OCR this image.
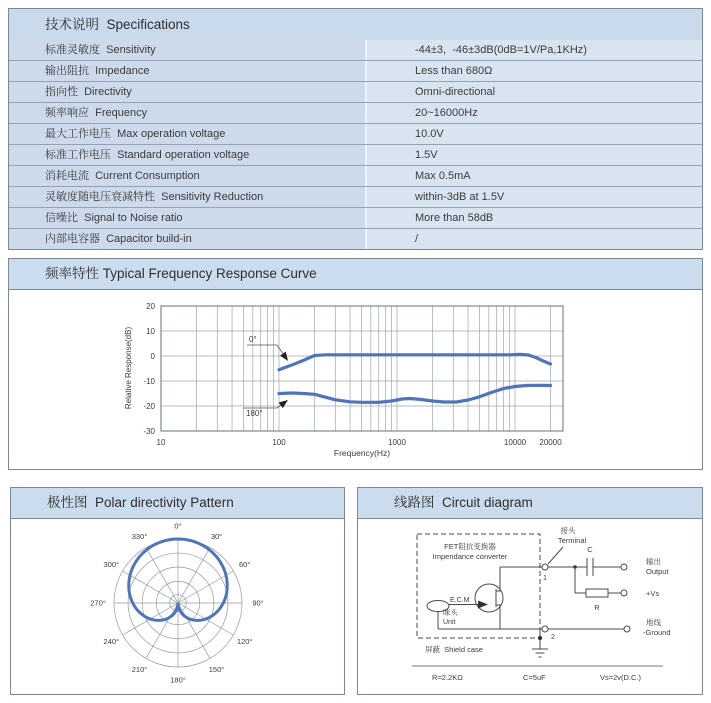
技术说明  Specifications
标准灵敏度  Sensitivity	-44±3,  -46±3dB(0dB=1V/Pa,1KHz)
输出阻抗  Impedance	Less than 680Ω
指向性  Directivity	Omni-directional
频率响应  Frequency	20~16000Hz
最大工作电压  Max operation voltage	10.0V
标准工作电压  Standard operation voltage	1.5V
消耗电流  Current Consumption	Max 0.5mA
灵敏度随电压衰减特性  Sensitivity Reduction	within-3dB at 1.5V
信噪比  Signal to Noise ratio	More than 58dB
内部电容器  Capacitor build-in	/
频率特性 Typical Frequency Response Curve
20
10
0
-10
-20
-30
10	100	1000	10000 20000
0°
180°
Relative Response(dB)
Frequency(Hz)
极性图  Polar directivity Pattern
0°
30°
60°
90°
120°
150°
180°
210°
240°
270°
300°
330°
线路图  Circuit diagram
FET阻抗变换器
Impendance converter
E.C.M
咪头
Unit
接头
Terminal
1
2
C
R
输出
Output
+Vs
地线
-Ground
屏蔽  Shield case
R=2.2KΩ	C=5uF	Vs=2v(D.C.)
